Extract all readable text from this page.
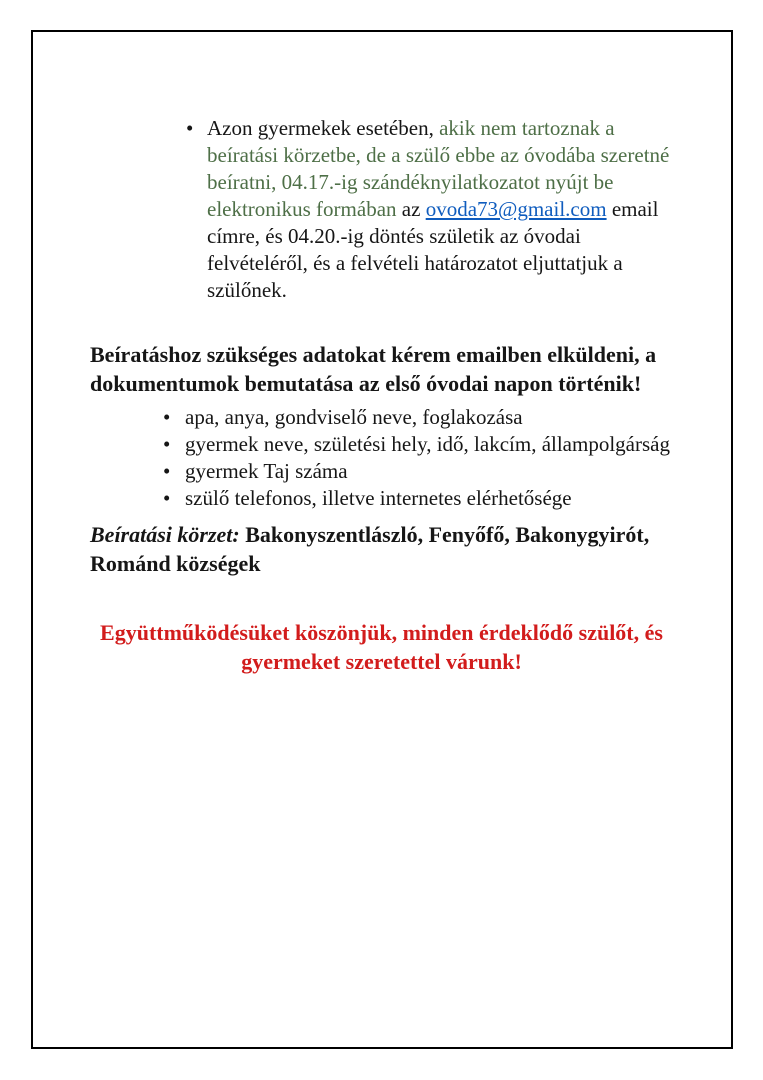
• Azon gyermekek esetében, akik nem tartoznak a
beíratási körzetbe, de a szülő ebbe az óvodába szeretné
beíratni, 04.17.-ig szándéknyilatkozatot nyújt be
elektronikus formában az ovoda73@gmail.com email
címre, és 04.20.-ig döntés születik az óvodai
felvételéről, és a felvételi határozatot eljuttatjuk a
szülőnek.
Beíratáshoz szükséges adatokat kérem emailben elküldeni, a
dokumentumok bemutatása az első óvodai napon történik!
• apa, anya, gondviselő neve, foglakozása
• gyermek neve, születési hely, idő, lakcím, állampolgárság
• gyermek Taj száma
• szülő telefonos, illetve internetes elérhetősége
Beíratási körzet: Bakonyszentlászló, Fenyőfő, Bakonygyirót,
Románd községek
Együttműködésüket köszönjük, minden érdeklődő szülőt, és
gyermeket szeretettel várunk!
